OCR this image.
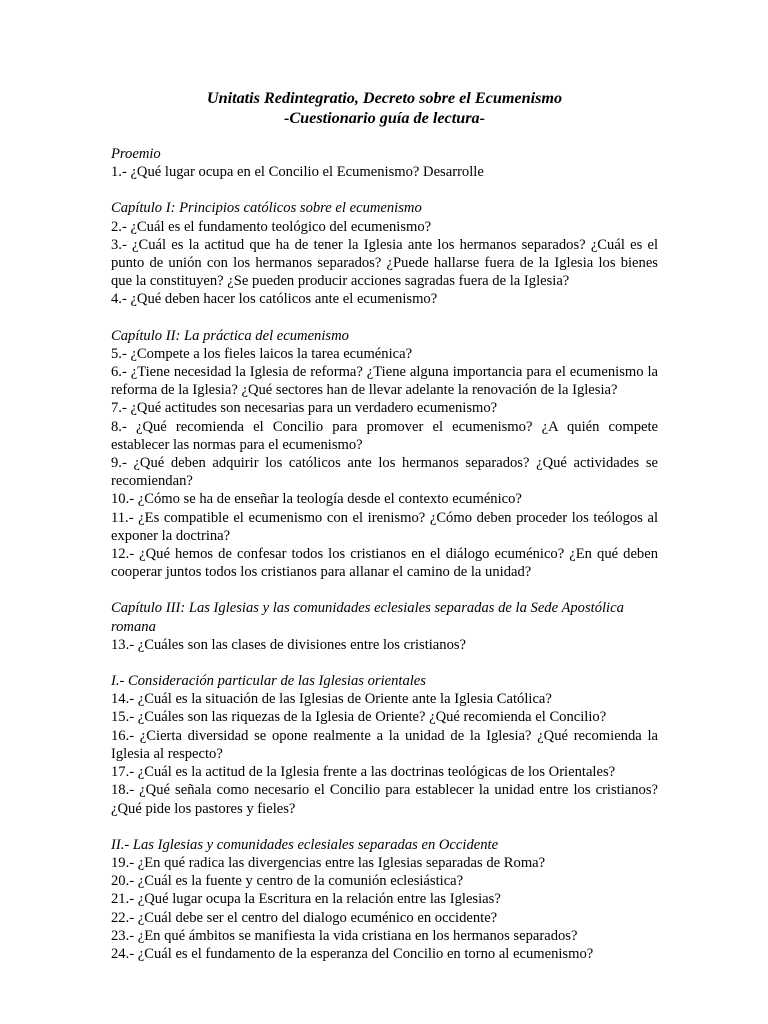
Unitatis Redintegratio, Decreto sobre el Ecumenismo
-Cuestionario guía de lectura-
Proemio
1.- ¿Qué lugar ocupa en el Concilio el Ecumenismo? Desarrolle
Capítulo I: Principios católicos sobre el ecumenismo
2.- ¿Cuál es el fundamento teológico del ecumenismo?
3.- ¿Cuál es la actitud que ha de tener la Iglesia ante los hermanos separados? ¿Cuál es el punto de unión con los hermanos separados? ¿Puede hallarse fuera de la Iglesia los bienes que la constituyen? ¿Se pueden producir acciones sagradas fuera de la Iglesia?
4.- ¿Qué deben hacer los católicos ante el ecumenismo?
Capítulo II: La práctica del ecumenismo
5.- ¿Compete a los fieles laicos la tarea ecuménica?
6.- ¿Tiene necesidad la Iglesia de reforma? ¿Tiene alguna importancia para el ecumenismo la reforma de la Iglesia? ¿Qué sectores han de llevar adelante la renovación de la Iglesia?
7.- ¿Qué actitudes son necesarias para un verdadero ecumenismo?
8.- ¿Qué recomienda el Concilio para promover el ecumenismo? ¿A quién compete establecer las normas para el ecumenismo?
9.- ¿Qué deben adquirir los católicos ante los hermanos separados? ¿Qué actividades se recomiendan?
10.- ¿Cómo se ha de enseñar la teología desde el contexto ecuménico?
11.- ¿Es compatible el ecumenismo con el irenismo? ¿Cómo deben proceder los teólogos al exponer la doctrina?
12.- ¿Qué hemos de confesar todos los cristianos en el diálogo ecuménico? ¿En qué deben cooperar juntos todos los cristianos para allanar el camino de la unidad?
Capítulo III: Las Iglesias y las comunidades eclesiales separadas de la Sede Apostólica romana
13.- ¿Cuáles son las clases de divisiones entre los cristianos?
I.- Consideración particular de las Iglesias orientales
14.- ¿Cuál es la situación de las Iglesias de Oriente ante la Iglesia Católica?
15.- ¿Cuáles son las riquezas de la Iglesia de Oriente? ¿Qué recomienda el Concilio?
16.- ¿Cierta diversidad se opone realmente a la unidad de la Iglesia? ¿Qué recomienda la Iglesia al respecto?
17.- ¿Cuál es la actitud de la Iglesia frente a las doctrinas teológicas de los Orientales?
18.- ¿Qué señala como necesario el Concilio para establecer la unidad entre los cristianos? ¿Qué pide los pastores y fieles?
II.- Las Iglesias y comunidades eclesiales separadas en Occidente
19.- ¿En qué radica las divergencias entre las Iglesias separadas de Roma?
20.- ¿Cuál es la fuente y centro de la comunión eclesiástica?
21.- ¿Qué lugar ocupa la Escritura en la relación entre las Iglesias?
22.- ¿Cuál debe ser el centro del dialogo ecuménico en occidente?
23.- ¿En qué ámbitos se manifiesta la vida cristiana en los hermanos separados?
24.- ¿Cuál es el fundamento de la esperanza del Concilio en torno al ecumenismo?
